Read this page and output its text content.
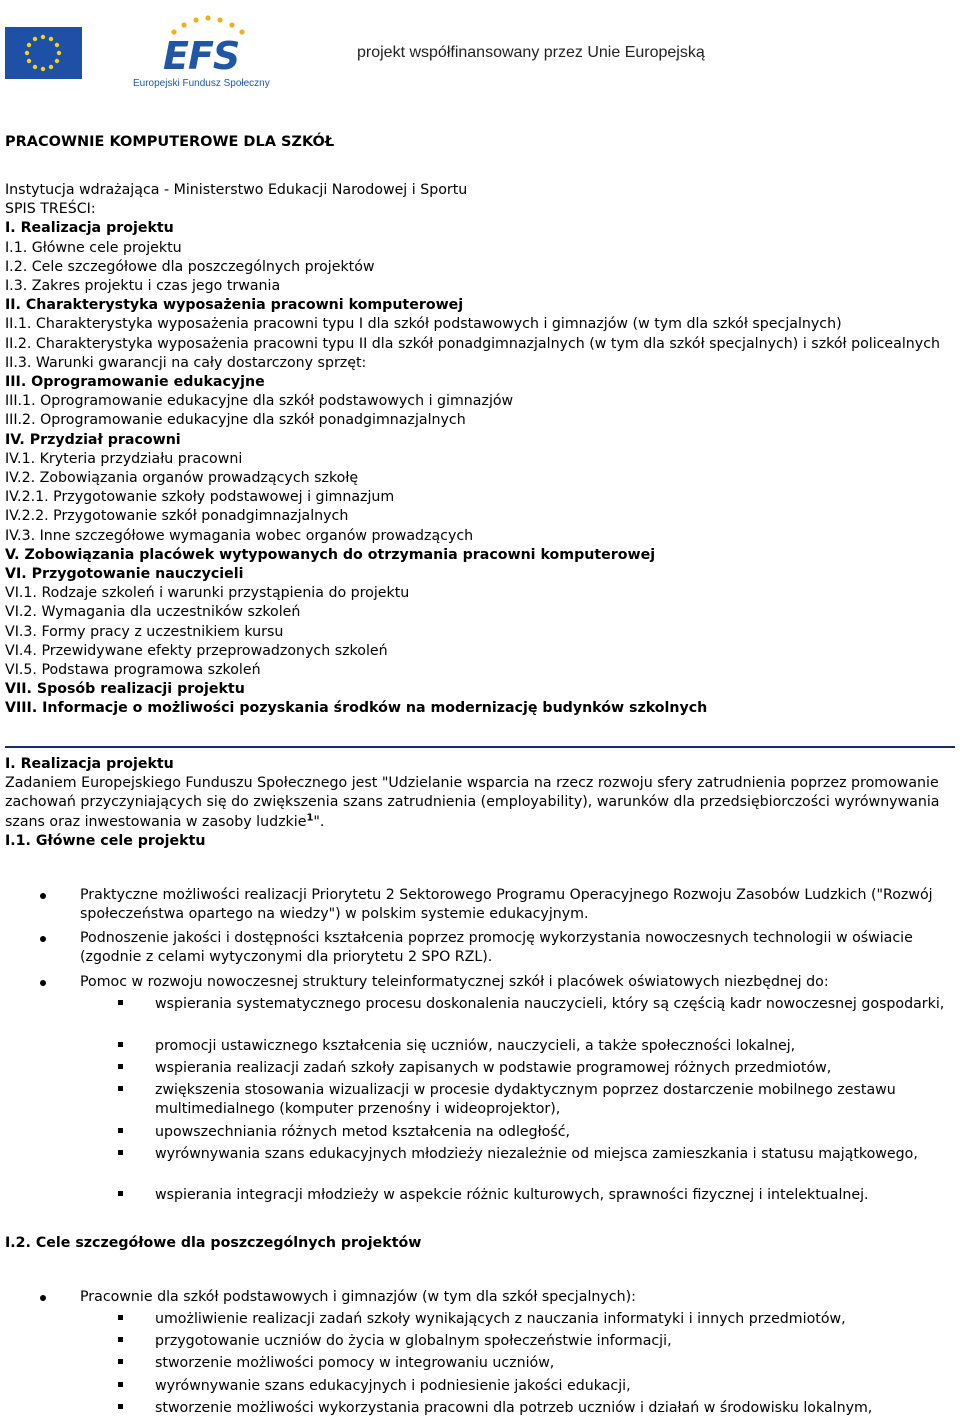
EFS
Europejski Fundusz Społeczny
projekt współfinansowany przez Unie Europejską
PRACOWNIE KOMPUTEROWE DLA SZKÓŁ
Instytucja wdrażająca - Ministerstwo Edukacji Narodowej i Sportu
SPIS TREŚCI:
I. Realizacja projektu
I.1. Główne cele projektu
I.2. Cele szczegółowe dla poszczególnych projektów
I.3. Zakres projektu i czas jego trwania
II. Charakterystyka wyposażenia pracowni komputerowej
II.1. Charakterystyka wyposażenia pracowni typu I dla szkół podstawowych i gimnazjów (w tym dla szkół specjalnych)
II.2. Charakterystyka wyposażenia pracowni typu II dla szkół ponadgimnazjalnych (w tym dla szkół specjalnych) i szkół policealnych
II.3. Warunki gwarancji na cały dostarczony sprzęt:
III. Oprogramowanie edukacyjne
III.1. Oprogramowanie edukacyjne dla szkół podstawowych i gimnazjów
III.2. Oprogramowanie edukacyjne dla szkół ponadgimnazjalnych
IV. Przydział pracowni
IV.1. Kryteria przydziału pracowni
IV.2. Zobowiązania organów prowadzących szkołę
IV.2.1. Przygotowanie szkoły podstawowej i gimnazjum
IV.2.2. Przygotowanie szkół ponadgimnazjalnych
IV.3. Inne szczegółowe wymagania wobec organów prowadzących
V. Zobowiązania placówek wytypowanych do otrzymania pracowni komputerowej
VI. Przygotowanie nauczycieli
VI.1. Rodzaje szkoleń i warunki przystąpienia do projektu
VI.2. Wymagania dla uczestników szkoleń
VI.3. Formy pracy z uczestnikiem kursu
VI.4. Przewidywane efekty przeprowadzonych szkoleń
VI.5. Podstawa programowa szkoleń
VII. Sposób realizacji projektu
VIII. Informacje o możliwości pozyskania środków na modernizację budynków szkolnych
I. Realizacja projektu
Zadaniem Europejskiego Funduszu Społecznego jest "Udzielanie wsparcia na rzecz rozwoju sfery zatrudnienia poprzez promowanie zachowań przyczyniających się do zwiększenia szans zatrudnienia (employability), warunków dla przedsiębiorczości wyrównywania szans oraz inwestowania w zasoby ludzkie$^1$".
I.1. Główne cele projektu
Praktyczne możliwości realizacji Priorytetu 2 Sektorowego Programu Operacyjnego Rozwoju Zasobów Ludzkich ("Rozwój społeczeństwa opartego na wiedzy") w polskim systemie edukacyjnym.
Podnoszenie jakości i dostępności kształcenia poprzez promocję wykorzystania nowoczesnych technologii w oświacie (zgodnie z celami wytyczonymi dla priorytetu 2 SPO RZL).
Pomoc w rozwoju nowoczesnej struktury teleinformatycznej szkół i placówek oświatowych niezbędnej do:
wspierania systematycznego procesu doskonalenia nauczycieli, który są częścią kadr nowoczesnej gospodarki,
promocji ustawicznego kształcenia się uczniów, nauczycieli, a także społeczności lokalnej,
wspierania realizacji zadań szkoły zapisanych w podstawie programowej różnych przedmiotów,
zwiększenia stosowania wizualizacji w procesie dydaktycznym poprzez dostarczenie mobilnego zestawu multimedialnego (komputer przenośny i wideoprojektor),
upowszechniania różnych metod kształcenia na odległość,
wyrównywania szans edukacyjnych młodzieży niezależnie od miejsca zamieszkania i statusu majątkowego,
wspierania integracji młodzieży w aspekcie różnic kulturowych, sprawności fizycznej i intelektualnej.
I.2. Cele szczegółowe dla poszczególnych projektów
Pracownie dla szkół podstawowych i gimnazjów (w tym dla szkół specjalnych):
umożliwienie realizacji zadań szkoły wynikających z nauczania informatyki i innych przedmiotów,
przygotowanie uczniów do życia w globalnym społeczeństwie informacji,
stworzenie możliwości pomocy w integrowaniu uczniów,
wyrównywanie szans edukacyjnych i podniesienie jakości edukacji,
stworzenie możliwości wykorzystania pracowni dla potrzeb uczniów i działań w środowisku lokalnym,
